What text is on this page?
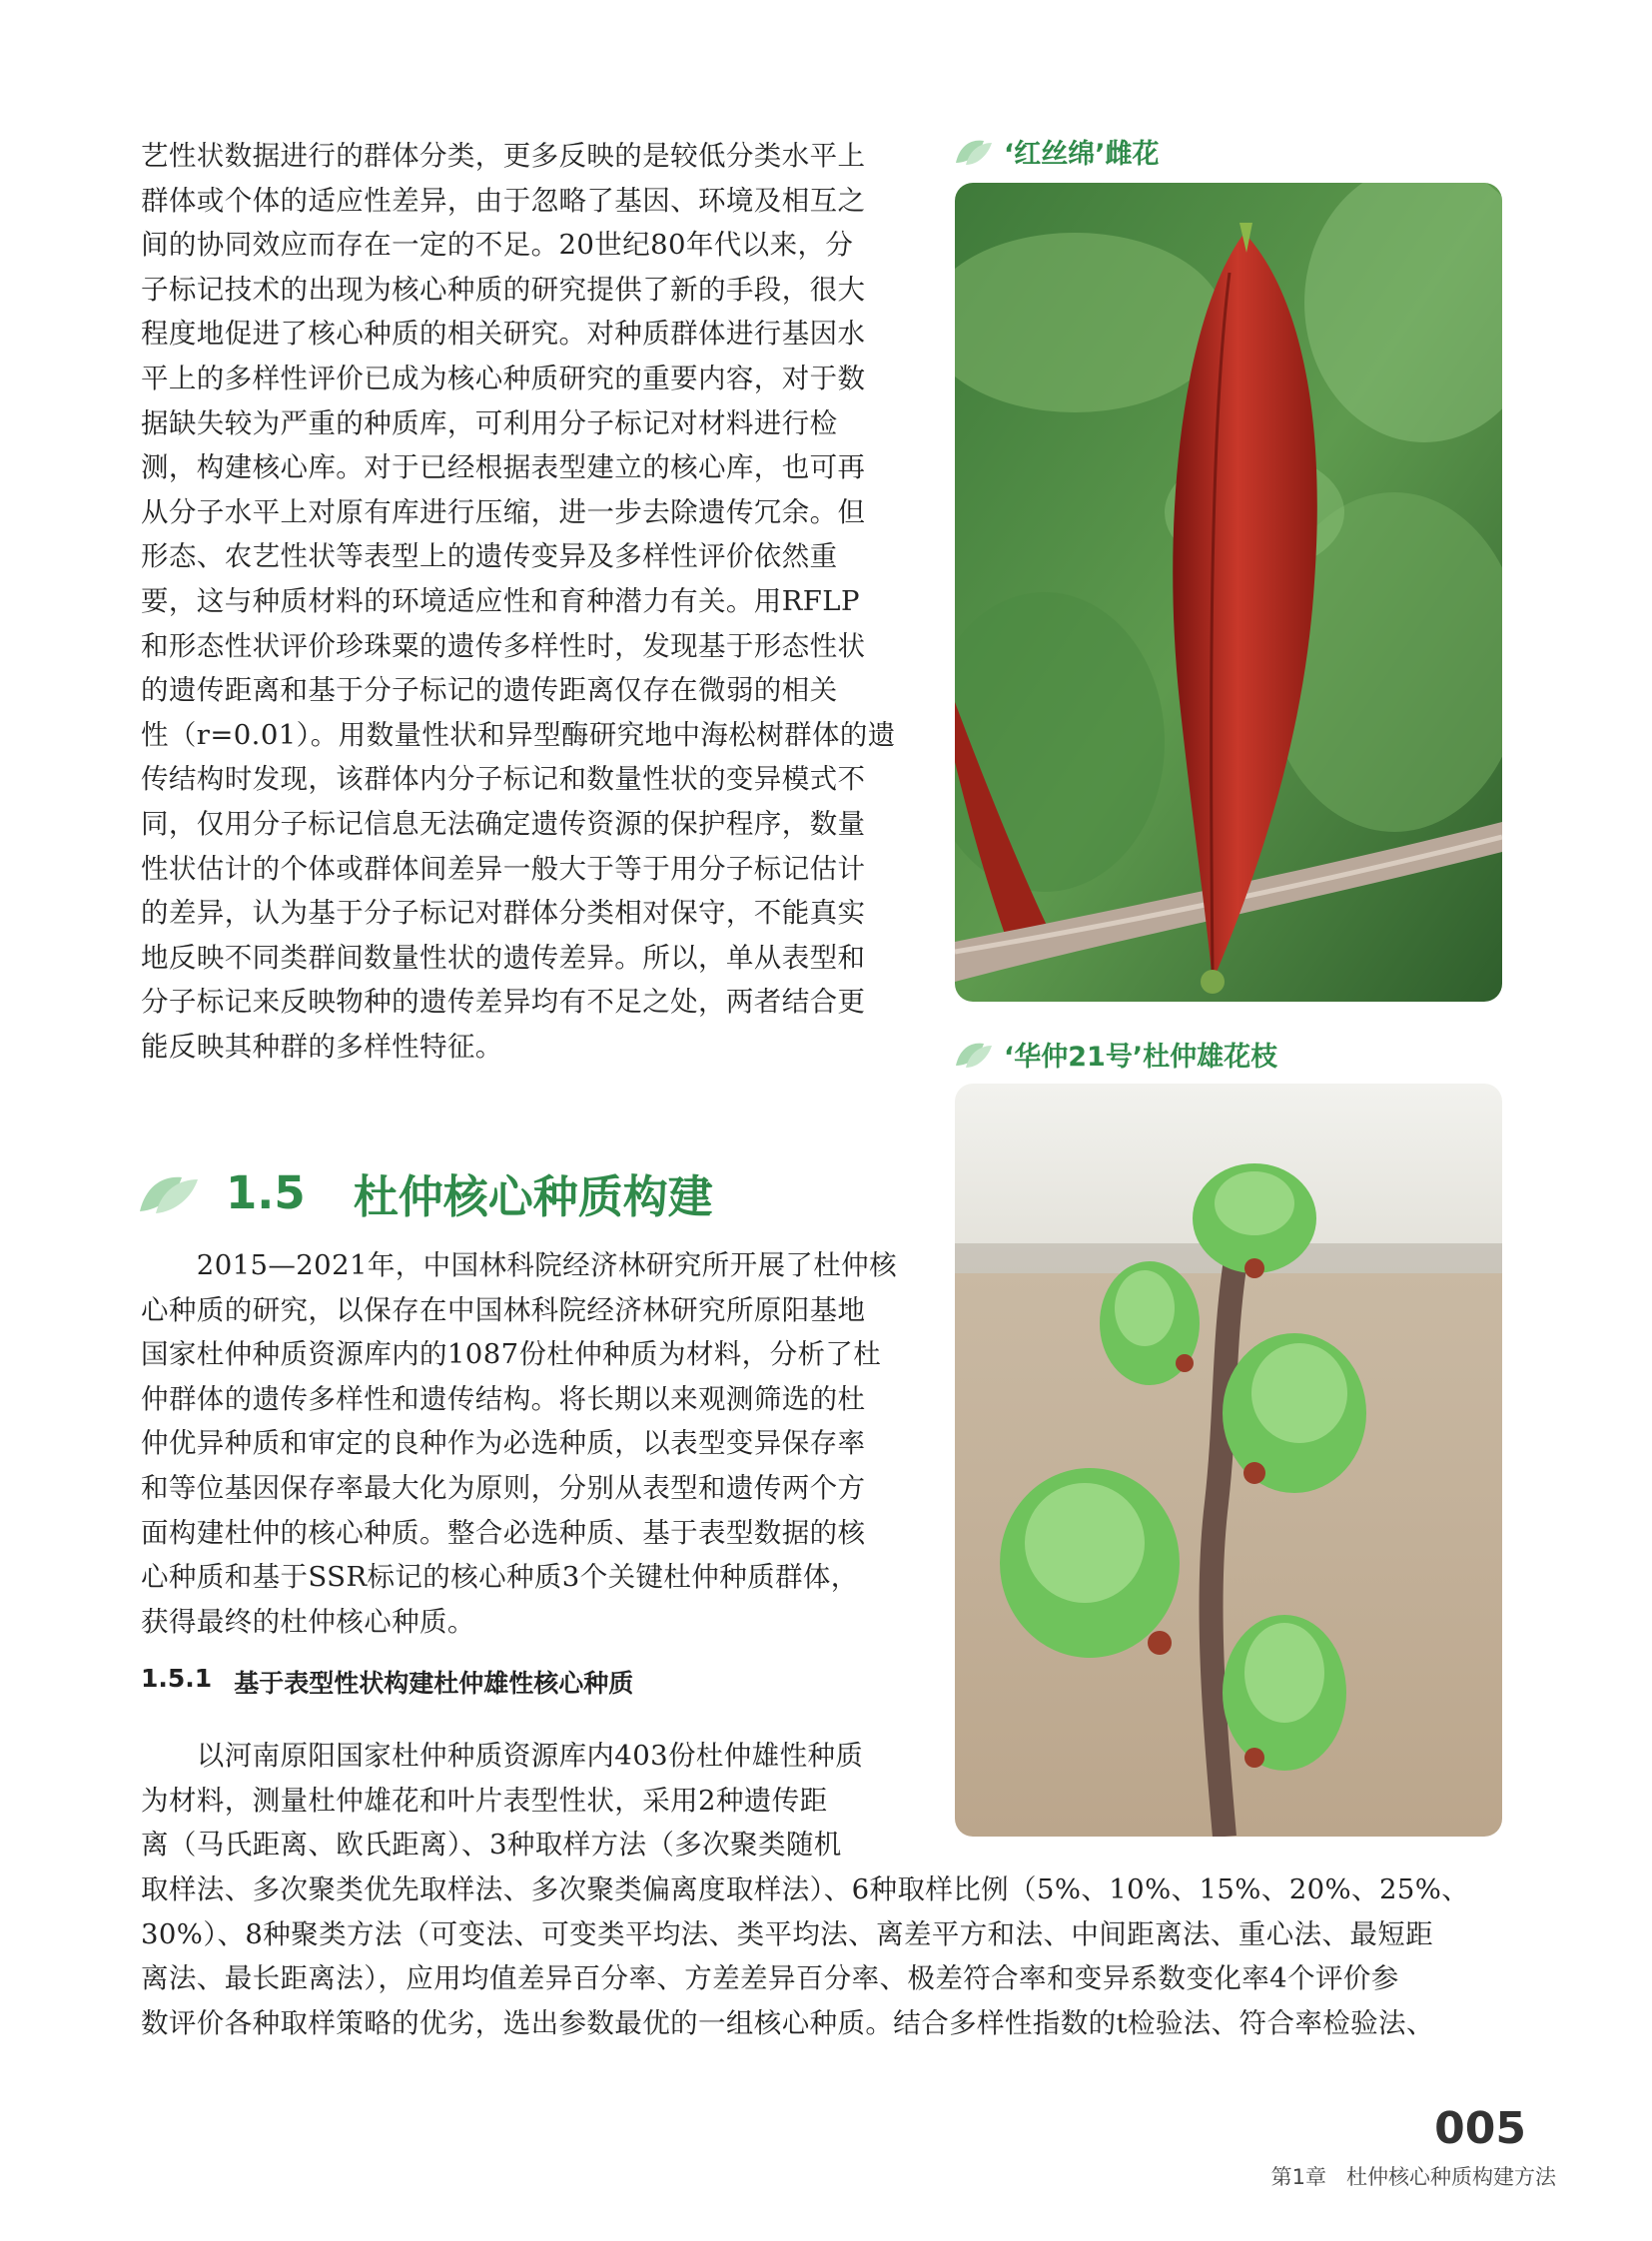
艺性状数据进行的群体分类，更多反映的是较低分类水平上
群体或个体的适应性差异，由于忽略了基因、环境及相互之
间的协同效应而存在一定的不足。20世纪80年代以来，分
子标记技术的出现为核心种质的研究提供了新的手段，很大
程度地促进了核心种质的相关研究。对种质群体进行基因水
平上的多样性评价已成为核心种质研究的重要内容，对于数
据缺失较为严重的种质库，可利用分子标记对材料进行检
测，构建核心库。对于已经根据表型建立的核心库，也可再
从分子水平上对原有库进行压缩，进一步去除遗传冗余。但
形态、农艺性状等表型上的遗传变异及多样性评价依然重
要，这与种质材料的环境适应性和育种潜力有关。用RFLP
和形态性状评价珍珠粟的遗传多样性时，发现基于形态性状
的遗传距离和基于分子标记的遗传距离仅存在微弱的相关
性（r=0.01）。用数量性状和异型酶研究地中海松树群体的遗
传结构时发现，该群体内分子标记和数量性状的变异模式不
同，仅用分子标记信息无法确定遗传资源的保护程序，数量
性状估计的个体或群体间差异一般大于等于用分子标记估计
的差异，认为基于分子标记对群体分类相对保守，不能真实
地反映不同类群间数量性状的遗传差异。所以，单从表型和
分子标记来反映物种的遗传差异均有不足之处，两者结合更
能反映其种群的多样性特征。

‘红丝绵’雌花
‘华仲21号’杜仲雄花枝
1.5 杜仲核心种质构建

　　2015—2021年，中国林科院经济林研究所开展了杜仲核
心种质的研究，以保存在中国林科院经济林研究所原阳基地
国家杜仲种质资源库内的1087份杜仲种质为材料，分析了杜
仲群体的遗传多样性和遗传结构。将长期以来观测筛选的杜
仲优异种质和审定的良种作为必选种质，以表型变异保存率
和等位基因保存率最大化为原则，分别从表型和遗传两个方
面构建杜仲的核心种质。整合必选种质、基于表型数据的核
心种质和基于SSR标记的核心种质3个关键杜仲种质群体，
获得最终的杜仲核心种质。

1.5.1 基于表型性状构建杜仲雄性核心种质

　　以河南原阳国家杜仲种质资源库内403份杜仲雄性种质
为材料，测量杜仲雄花和叶片表型性状，采用2种遗传距
离（马氏距离、欧氏距离）、3种取样方法（多次聚类随机

取样法、多次聚类优先取样法、多次聚类偏离度取样法）、6种取样比例（5%、10%、15%、20%、25%、
30%）、8种聚类方法（可变法、可变类平均法、类平均法、离差平方和法、中间距离法、重心法、最短距
离法、最长距离法），应用均值差异百分率、方差差异百分率、极差符合率和变异系数变化率4个评价参
数评价各种取样策略的优劣，选出参数最优的一组核心种质。结合多样性指数的t检验法、符合率检验法、

005
第1章 杜仲核心种质构建方法
